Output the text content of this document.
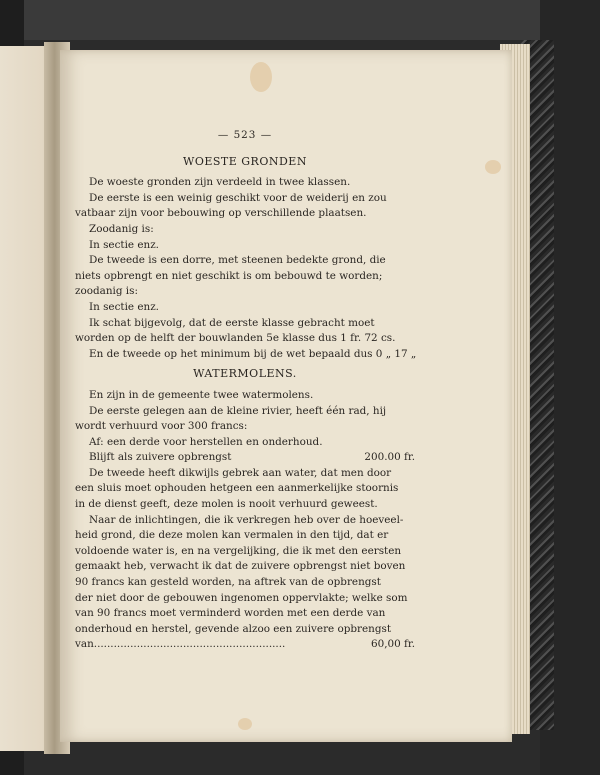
— 523 —
WOESTE GRONDEN
De woeste gronden zijn verdeeld in twee klassen.
De eerste is een weinig geschikt voor de weiderij en zou
vatbaar zijn voor bebouwing op verschillende plaatsen.
Zoodanig is:
In sectie enz.
De tweede is een dorre, met steenen bedekte grond, die
niets opbrengt en niet geschikt is om bebouwd te worden;
zoodanig is:
In sectie enz.
Ik schat bijgevolg, dat de eerste klasse gebracht moet
worden op de helft der bouwlanden 5e klasse dus 1 fr. 72 cs.
En de tweede op het minimum bij de wet bepaald dus 0 „ 17 „
WATERMOLENS.
En zijn in de gemeente twee watermolens.
De eerste gelegen aan de kleine rivier, heeft één rad, hij
wordt verhuurd voor 300 francs:
Af: een derde voor herstellen en onderhoud.
Blijft als zuivere opbrengst	200.00 fr.
De tweede heeft dikwijls gebrek aan water, dat men door
een sluis moet ophouden hetgeen een aanmerkelijke stoornis
in de dienst geeft, deze molen is nooit verhuurd geweest.
Naar de inlichtingen, die ik verkregen heb over de hoeveel-
heid grond, die deze molen kan vermalen in den tijd, dat er
voldoende water is, en na vergelijking, die ik met den eersten
gemaakt heb, verwacht ik dat de zuivere opbrengst niet boven
90 francs kan gesteld worden, na aftrek van de opbrengst
der niet door de gebouwen ingenomen oppervlakte; welke som
van 90 francs moet verminderd worden met een derde van
onderhoud en herstel, gevende alzoo een zuivere opbrengst
van ..........................................................	60,00 fr.
